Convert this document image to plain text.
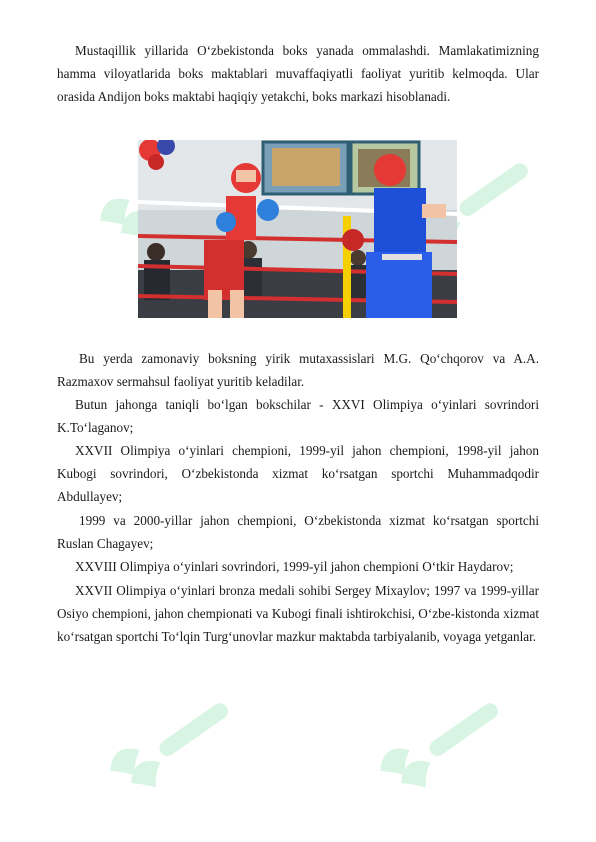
Mustaqillik yillarida O‘zbekistonda boks yanada ommalashdi. Mamlakatimizning hamma viloyatlarida boks maktablari muvaffaqiyatli faoliyat yuritib kelmoqda. Ular orasida Andijon boks maktabi haqiqiy yetakchi, boks markazi hisoblanadi.

Bu yerda zamonaviy boksning yirik mutaxassislari M.G. Qo‘chqorov va A.A. Razmaxov sermahsul faoliyat yuritib keladilar.

Butun jahonga taniqli bo‘lgan bokschilar - XXVI Olimpiya o‘yinlari sovrindori K.To‘laganov;

XXVII Olimpiya o‘yinlari chempioni, 1999-yil jahon chempioni, 1998-yil jahon Kubogi sovrindori, O‘zbekistonda xizmat ko‘rsatgan sportchi Muhammadqodir Abdullayev;

1999 va 2000-yillar jahon chempioni, O‘zbekistonda xizmat ko‘rsatgan sportchi Ruslan Chagayev;

XXVIII Olimpiya o‘yinlari sovrindori, 1999-yil jahon chempioni O‘tkir Haydarov;

XXVII Olimpiya o‘yinlari bronza medali sohibi Sergey Mixaylov; 1997 va 1999-yillar Osiyo chempioni, jahon chempionati va Kubogi finali ishtirokchisi, O‘zbe-kistonda xizmat ko‘rsatgan sportchi To‘lqin Turg‘unovlar mazkur maktabda tarbiyalanib, voyaga yetganlar.
